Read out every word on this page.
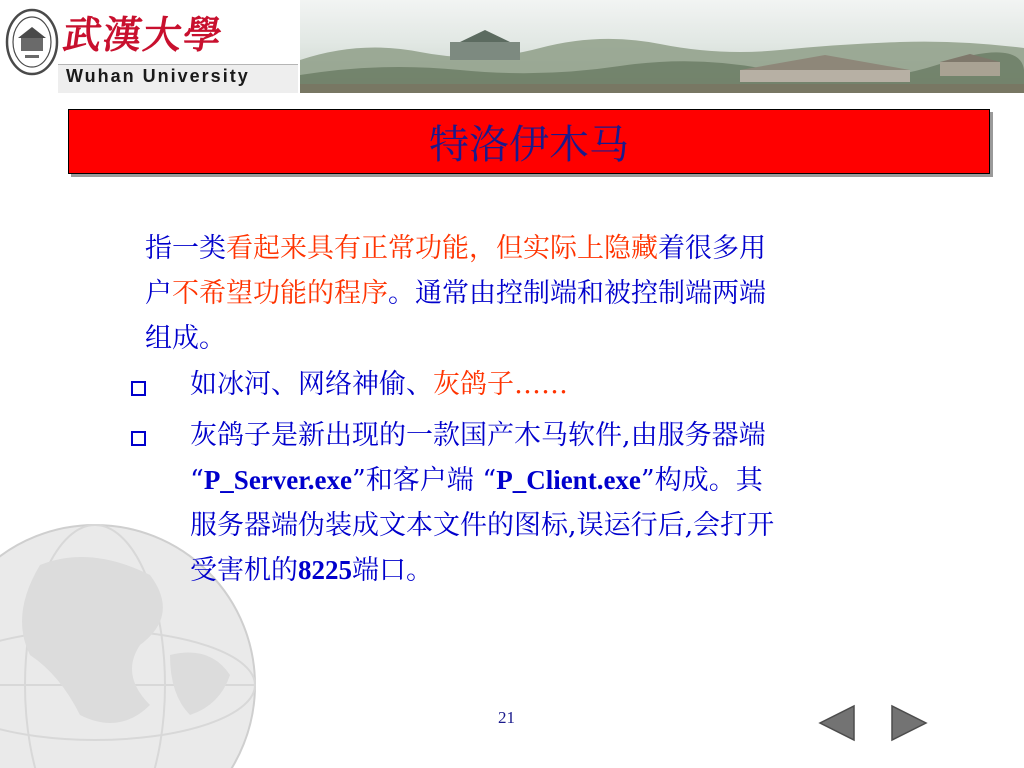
武漢大學
Wuhan University
特洛伊木马
指一类看起来具有正常功能，但实际上隐藏着很多用
户不希望功能的程序。通常由控制端和被控制端两端
组成。
如冰河、网络神偷、灰鸽子……
灰鸽子是新出现的一款国产木马软件,由服务器端
“P_Server.exe”和客户端 “P_Client.exe”构成。其
服务器端伪装成文本文件的图标,误运行后,会打开
受害机的8225端口。
21
